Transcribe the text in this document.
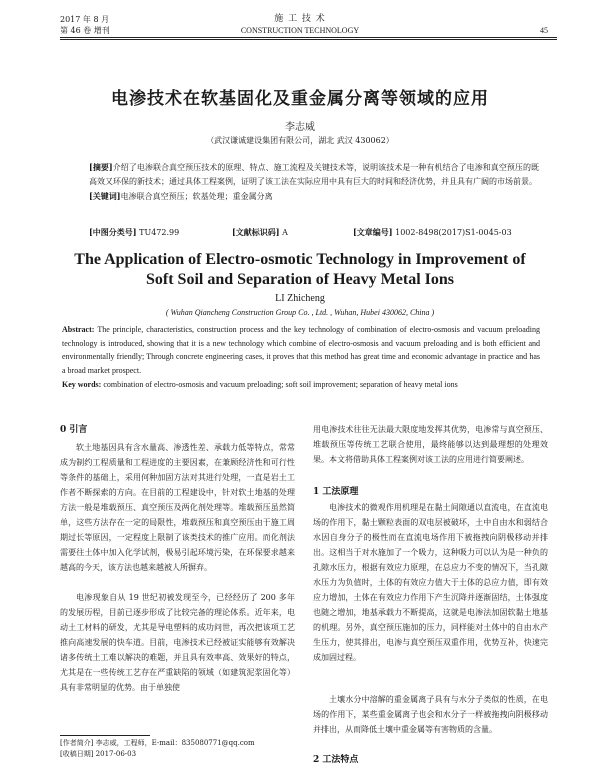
2017 年 8 月
第 46 卷 增刊
施 工 技 术
CONSTRUCTION TECHNOLOGY	45
电渗技术在软基固化及重金属分离等领域的应用
李志威
（武汉谦诚建设集团有限公司，湖北 武汉 430062）
[摘要]介绍了电渗联合真空预压技术的原理、特点、施工流程及关键技术等，说明该技术是一种有机结合了电渗和真空预压的既高效又环保的新技术；通过具体工程案例，证明了该工法在实际应用中具有巨大的时间和经济优势，并且具有广阔的市场前景。
[关键词]电渗联合真空预压；软基处理；重金属分离
[中图分类号] TU472.99	[文献标识码] A	[文章编号] 1002-8498(2017)S1-0045-03
The Application of Electro-osmotic Technology in Improvement of
Soft Soil and Separation of Heavy Metal Ions
LI Zhicheng
( Wuhan Qiancheng Construction Group Co. , Ltd. , Wuhan, Hubei 430062, China )
Abstract: The principle, characteristics, construction process and the key technology of combination of electro-osmosis and vacuum preloading technology is introduced, showing that it is a new technology which combine of electro-osmosis and vacuum preloading and is both efficient and environmentally friendly; Through concrete engineering cases, it proves that this method has great time and economic advantage in practice and has a broad market prospect.
Key words: combination of electro-osmosis and vacuum preloading; soft soil improvement; separation of heavy metal ions
0 引言

软土地基因具有含水量高、渗透性差、承载力低等特点，常常成为制约工程质量和工程进度的主要因素，在兼顾经济性和可行性等条件的基础上，采用何种加固方法对其进行处理，一直是岩土工作者不断探索的方向。在目前的工程建设中，针对软土地基的处理方法一般是堆载预压、真空预压及两化剂处理等。堆载预压虽然简单，这些方法存在一定的局限性，堆载预压和真空预压由于施工周期过长等原因，一定程度上限制了该类技术的推广应用。而化剂法需要往土体中加入化学试剂，极易引起环境污染，在环保要求越来越高的今天，该方法也越来越被人所摒弃。

电渗现象自从 19 世纪初被发现至今，已经经历了 200 多年的发展历程，目前已逐步形成了比较完备的理论体系。近年来，电动土工材料的研发，尤其是导电塑料的成功问世，再次把该项工艺推向高速发展的快车道。目前，电渗技术已经被证实能够有效解决诸多传统土工难以解决的难题，并且具有效率高、效果好的特点，尤其是在一些传统工艺存在严重缺陷的领域（如建筑泥浆固化等）具有非常明显的优势。由于单独使

用电渗技术往往无法最大限度地发挥其优势，电渗常与真空预压、堆载预压等传统工艺联合使用，最终能够以达到最理想的处理效果。本文将借助具体工程案例对该工法的应用进行简要阐述。

1 工法原理

电渗技术的微观作用机理是在黏土间隙通以直流电，在直流电场的作用下，黏土颗粒表面的双电层被破坏，土中自由水和弱结合水因自身分子的极性而在直流电场作用下被拖拽向阴极移动并排出。这相当于对水施加了一个吸力，这种吸力可以认为是一种负的孔隙水压力，根据有效应力原理，在总应力不变的情况下，当孔隙水压力为负值时，土体的有效应力值大于土体的总应力值，即有效应力增加，土体在有效应力作用下产生沉降并逐渐固结，土体强度也随之增加，地基承载力不断提高，这就是电渗法加固软黏土地基的机理。另外，真空预压施加的压力，同样能对土体中的自由水产生压力，使其排出，电渗与真空预压双重作用，优势互补，快速完成加固过程。

土壤水分中溶解的重金属离子具有与水分子类似的性质，在电场的作用下，某些重金属离子也会和水分子一样被拖拽向阴极移动并排出，从而降低土壤中重金属等有害物质的含量。

2 工法特点
[作者简介] 李志威，工程师，E-mail：835080771@qq.com
[收稿日期] 2017-06-03
